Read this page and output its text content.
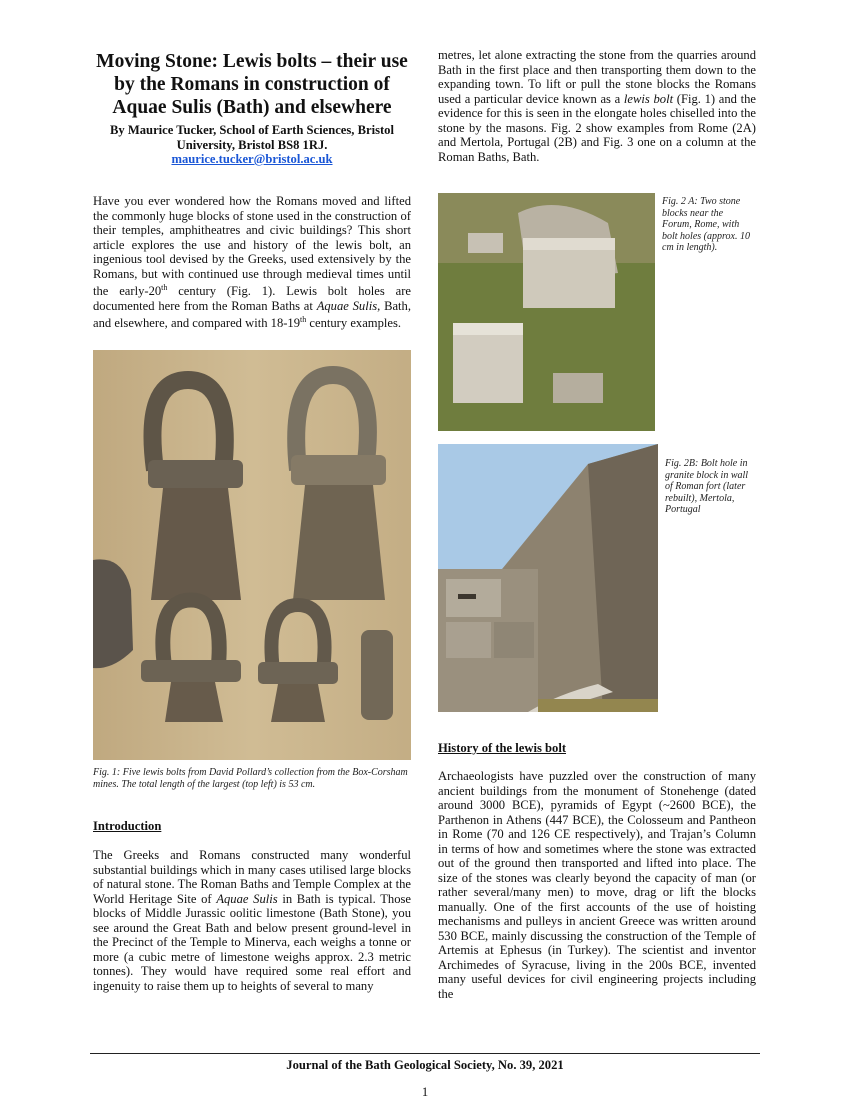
Moving Stone: Lewis bolts – their use by the Romans in construction of Aquae Sulis (Bath) and elsewhere
By Maurice Tucker, School of Earth Sciences, Bristol University, Bristol BS8 1RJ.
maurice.tucker@bristol.ac.uk
Have you ever wondered how the Romans moved and lifted the commonly huge blocks of stone used in the construction of their temples, amphitheatres and civic buildings? This short article explores the use and history of the lewis bolt, an ingenious tool devised by the Greeks, used extensively by the Romans, but with continued use through medieval times until the early-20th century (Fig. 1). Lewis bolt holes are documented here from the Roman Baths at Aquae Sulis, Bath, and elsewhere, and compared with 18-19th century examples.
Fig. 1: Five lewis bolts from David Pollard’s collection from the Box-Corsham mines. The total length of the largest (top left) is 53 cm.
Introduction
The Greeks and Romans constructed many wonderful substantial buildings which in many cases utilised large blocks of natural stone. The Roman Baths and Temple Complex at the World Heritage Site of Aquae Sulis in Bath is typical. Those blocks of Middle Jurassic oolitic limestone (Bath Stone), you see around the Great Bath and below present ground-level in the Precinct of the Temple to Minerva, each weighs a tonne or more (a cubic metre of limestone weighs approx. 2.3 metric tonnes). They would have required some real effort and ingenuity to raise them up to heights of several to many
metres, let alone extracting the stone from the quarries around Bath in the first place and then transporting them down to the expanding town. To lift or pull the stone blocks the Romans used a particular device known as a lewis bolt (Fig. 1) and the evidence for this is seen in the elongate holes chiselled into the stone by the masons. Fig. 2 show examples from Rome (2A) and Mertola, Portugal (2B) and Fig. 3 one on a column at the Roman Baths, Bath.
Fig. 2 A: Two stone blocks near the Forum, Rome, with bolt holes (approx. 10 cm in length).
Fig. 2B: Bolt hole in granite block in wall of Roman fort (later rebuilt), Mertola, Portugal
History of the lewis bolt
Archaeologists have puzzled over the construction of many ancient buildings from the monument of Stonehenge (dated around 3000 BCE), pyramids of Egypt (~2600 BCE), the Parthenon in Athens (447 BCE), the Colosseum and Pantheon in Rome (70 and 126 CE respectively), and Trajan’s Column in terms of how and sometimes where the stone was extracted out of the ground then transported and lifted into place. The size of the stones was clearly beyond the capacity of man (or rather several/many men) to move, drag or lift the blocks manually. One of the first accounts of the use of hoisting mechanisms and pulleys in ancient Greece was written around 530 BCE, mainly discussing the construction of the Temple of Artemis at Ephesus (in Turkey). The scientist and inventor Archimedes of Syracuse, living in the 200s BCE, invented many useful devices for civil engineering projects including the
Journal of the Bath Geological Society, No. 39, 2021
1
